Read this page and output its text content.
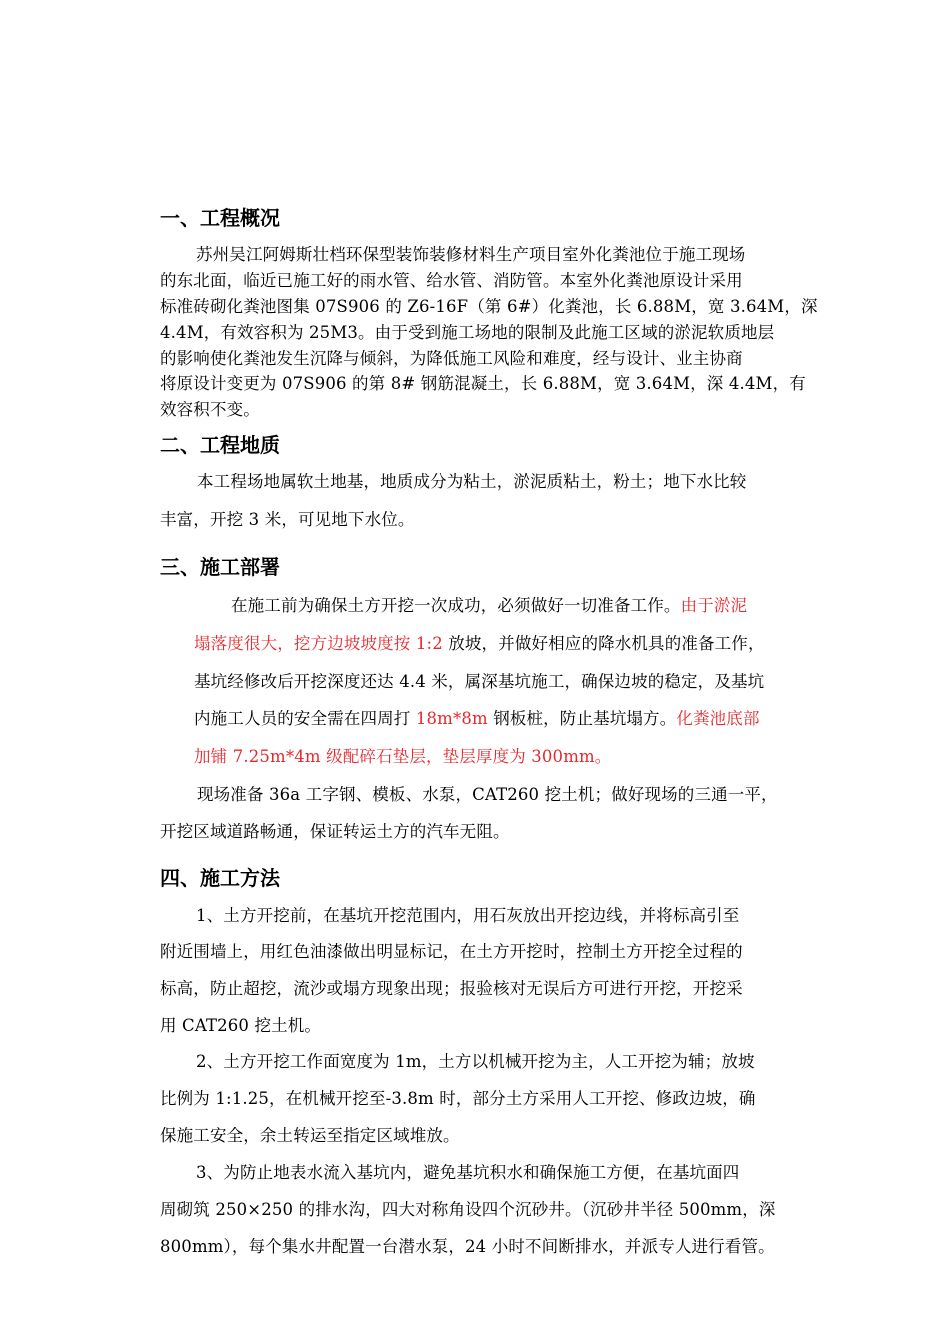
一、工程概况
苏州吴江阿姆斯壮档环保型装饰装修材料生产项目室外化粪池位于施工现场
的东北面，临近已施工好的雨水管、给水管、消防管。本室外化粪池原设计采用
标准砖砌化粪池图集 07S906 的 Z6-16F（第 6#）化粪池，长 6.88M，宽 3.64M，深
4.4M，有效容积为 25M3。由于受到施工场地的限制及此施工区域的淤泥软质地层
的影响使化粪池发生沉降与倾斜，为降低施工风险和难度，经与设计、业主协商
将原设计变更为 07S906 的第 8# 钢筋混凝土，长 6.88M，宽 3.64M，深 4.4M，有
效容积不变。
二、工程地质
本工程场地属软土地基，地质成分为粘土，淤泥质粘土，粉土；地下水比较
丰富，开挖 3 米，可见地下水位。
三、施工部署
在施工前为确保土方开挖一次成功，必须做好一切准备工作。由于淤泥
塌落度很大，挖方边坡坡度按 1:2 放坡，并做好相应的降水机具的准备工作，
基坑经修改后开挖深度还达 4.4 米，属深基坑施工，确保边坡的稳定，及基坑
内施工人员的安全需在四周打 18m*8m 钢板桩，防止基坑塌方。化粪池底部
加铺 7.25m*4m 级配碎石垫层，垫层厚度为 300mm。
现场准备 36a 工字钢、模板、水泵，CAT260 挖土机；做好现场的三通一平，
开挖区域道路畅通，保证转运土方的汽车无阻。
四、施工方法
1、土方开挖前，在基坑开挖范围内，用石灰放出开挖边线，并将标高引至
附近围墙上，用红色油漆做出明显标记，在土方开挖时，控制土方开挖全过程的
标高，防止超挖，流沙或塌方现象出现；报验核对无误后方可进行开挖，开挖采
用 CAT260 挖土机。
2、土方开挖工作面宽度为 1m，土方以机械开挖为主，人工开挖为辅；放坡
比例为 1:1.25，在机械开挖至-3.8m 时，部分土方采用人工开挖、修政边坡，确
保施工安全，余土转运至指定区域堆放。
3、为防止地表水流入基坑内，避免基坑积水和确保施工方便，在基坑面四
周砌筑 250×250 的排水沟，四大对称角设四个沉砂井。（沉砂井半径 500mm，深
800mm），每个集水井配置一台潜水泵，24 小时不间断排水，并派专人进行看管。
